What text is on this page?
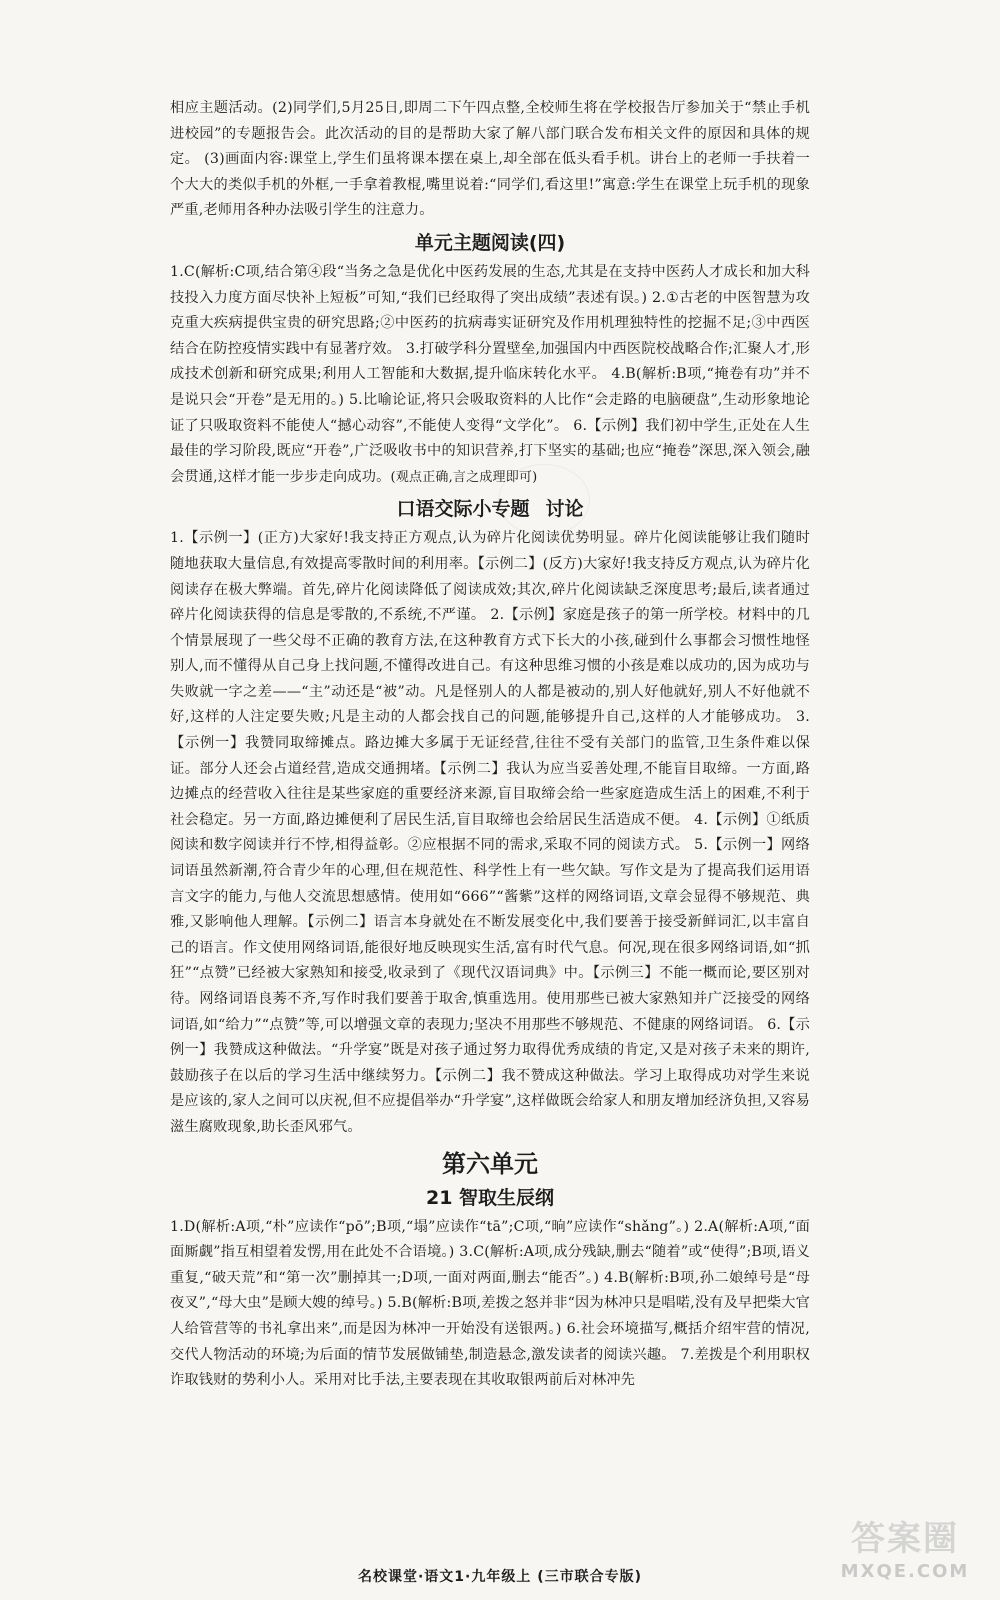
相应主题活动。(2)同学们,5月25日,即周二下午四点整,全校师生将在学校报告厅参加关于“禁止手机进校园”的专题报告会。此次活动的目的是帮助大家了解八部门联合发布相关文件的原因和具体的规定。 (3)画面内容:课堂上,学生们虽将课本摆在桌上,却全部在低头看手机。讲台上的老师一手扶着一个大大的类似手机的外框,一手拿着教棍,嘴里说着:“同学们,看这里!”寓意:学生在课堂上玩手机的现象严重,老师用各种办法吸引学生的注意力。

单元主题阅读(四)

1.C(解析:C项,结合第④段“当务之急是优化中医药发展的生态,尤其是在支持中医药人才成长和加大科技投入力度方面尽快补上短板”可知,“我们已经取得了突出成绩”表述有误。) 2.①古老的中医智慧为攻克重大疾病提供宝贵的研究思路;②中医药的抗病毒实证研究及作用机理独特性的挖掘不足;③中西医结合在防控疫情实践中有显著疗效。 3.打破学科分置壁垒,加强国内中西医院校战略合作;汇聚人才,形成技术创新和研究成果;利用人工智能和大数据,提升临床转化水平。 4.B(解析:B项,“掩卷有功”并不是说只会“开卷”是无用的。) 5.比喻论证,将只会吸取资料的人比作“会走路的电脑硬盘”,生动形象地论证了只吸取资料不能使人“撼心动容”,不能使人变得“文学化”。 6.【示例】我们初中学生,正处在人生最佳的学习阶段,既应“开卷”,广泛吸收书中的知识营养,打下坚实的基础;也应“掩卷”深思,深入领会,融会贯通,这样才能一步步走向成功。(观点正确,言之成理即可)

口语交际小专题 讨论

1.【示例一】(正方)大家好!我支持正方观点,认为碎片化阅读优势明显。碎片化阅读能够让我们随时随地获取大量信息,有效提高零散时间的利用率。【示例二】(反方)大家好!我支持反方观点,认为碎片化阅读存在极大弊端。首先,碎片化阅读降低了阅读成效;其次,碎片化阅读缺乏深度思考;最后,读者通过碎片化阅读获得的信息是零散的,不系统,不严谨。 2.【示例】家庭是孩子的第一所学校。材料中的几个情景展现了一些父母不正确的教育方法,在这种教育方式下长大的小孩,碰到什么事都会习惯性地怪别人,而不懂得从自己身上找问题,不懂得改进自己。有这种思维习惯的小孩是难以成功的,因为成功与失败就一字之差——“主”动还是“被”动。凡是怪别人的人都是被动的,别人好他就好,别人不好他就不好,这样的人注定要失败;凡是主动的人都会找自己的问题,能够提升自己,这样的人才能够成功。 3.【示例一】我赞同取缔摊点。路边摊大多属于无证经营,往往不受有关部门的监管,卫生条件难以保证。部分人还会占道经营,造成交通拥堵。【示例二】我认为应当妥善处理,不能盲目取缔。一方面,路边摊点的经营收入往往是某些家庭的重要经济来源,盲目取缔会给一些家庭造成生活上的困难,不利于社会稳定。另一方面,路边摊便利了居民生活,盲目取缔也会给居民生活造成不便。 4.【示例】①纸质阅读和数字阅读并行不悖,相得益彰。②应根据不同的需求,采取不同的阅读方式。 5.【示例一】网络词语虽然新潮,符合青少年的心理,但在规范性、科学性上有一些欠缺。写作文是为了提高我们运用语言文字的能力,与他人交流思想感情。使用如“666”“酱紫”这样的网络词语,文章会显得不够规范、典雅,又影响他人理解。【示例二】语言本身就处在不断发展变化中,我们要善于接受新鲜词汇,以丰富自己的语言。作文使用网络词语,能很好地反映现实生活,富有时代气息。何况,现在很多网络词语,如“抓狂”“点赞”已经被大家熟知和接受,收录到了《现代汉语词典》中。【示例三】不能一概而论,要区别对待。网络词语良莠不齐,写作时我们要善于取舍,慎重选用。使用那些已被大家熟知并广泛接受的网络词语,如“给力”“点赞”等,可以增强文章的表现力;坚决不用那些不够规范、不健康的网络词语。 6.【示例一】我赞成这种做法。“升学宴”既是对孩子通过努力取得优秀成绩的肯定,又是对孩子未来的期许,鼓励孩子在以后的学习生活中继续努力。【示例二】我不赞成这种做法。学习上取得成功对学生来说是应该的,家人之间可以庆祝,但不应提倡举办“升学宴”,这样做既会给家人和朋友增加经济负担,又容易滋生腐败现象,助长歪风邪气。

第六单元
21 智取生辰纲

1.D(解析:A项,“朴”应读作“pō”;B项,“塌”应读作“tā”;C项,“晌”应读作“shǎng”。) 2.A(解析:A项,“面面厮觑”指互相望着发愣,用在此处不合语境。) 3.C(解析:A项,成分残缺,删去“随着”或“使得”;B项,语义重复,“破天荒”和“第一次”删掉其一;D项,一面对两面,删去“能否”。) 4.B(解析:B项,孙二娘绰号是“母夜叉”,“母大虫”是顾大嫂的绰号。) 5.B(解析:B项,差拨之怒并非“因为林冲只是唱喏,没有及早把柴大官人给管营等的书礼拿出来”,而是因为林冲一开始没有送银两。) 6.社会环境描写,概括介绍牢营的情况,交代人物活动的环境;为后面的情节发展做铺垫,制造悬念,激发读者的阅读兴趣。 7.差拨是个利用职权诈取钱财的势利小人。采用对比手法,主要表现在其收取银两前后对林冲先

名校课堂·语文1·九年级上 (三市联合专版)
答案圈
MXQE.COM
